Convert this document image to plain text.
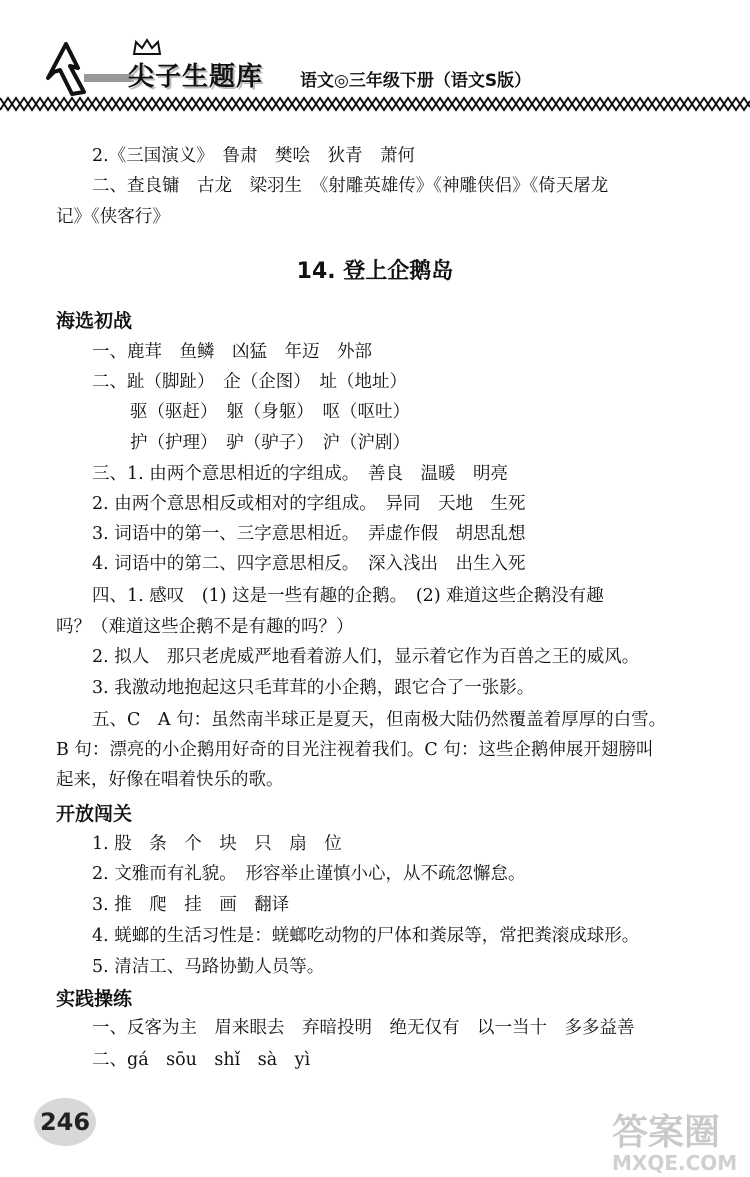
尖子生题库 语文◎三年级下册（语文S版）
2.《三国演义》　鲁肃　樊哙　狄青　萧何
二、查良镛　古龙　梁羽生　《射雕英雄传》《神雕侠侣》《倚天屠龙
记》《侠客行》
14. 登上企鹅岛
海选初战
一、鹿茸　鱼鳞　凶猛　年迈　外部
二、趾（脚趾）　企（企图）　址（地址）
驱（驱赶）　躯（身躯）　呕（呕吐）
护（护理）　驴（驴子）　沪（沪剧）
三、1. 由两个意思相近的字组成。　善良　温暖　明亮
2. 由两个意思相反或相对的字组成。　异同　天地　生死
3. 词语中的第一、三字意思相近。　弄虚作假　胡思乱想
4. 词语中的第二、四字意思相反。　深入浅出　出生入死
四、1. 感叹　(1) 这是一些有趣的企鹅。　(2) 难道这些企鹅没有趣
吗？（难道这些企鹅不是有趣的吗？）
2. 拟人　那只老虎威严地看着游人们，显示着它作为百兽之王的威风。
3. 我激动地抱起这只毛茸茸的小企鹅，跟它合了一张影。
五、C　A 句：虽然南半球正是夏天，但南极大陆仍然覆盖着厚厚的白雪。
B 句：漂亮的小企鹅用好奇的目光注视着我们。C 句：这些企鹅伸展开翅膀叫
起来，好像在唱着快乐的歌。
开放闯关
1. 股　条　个　块　只　扇　位
2. 文雅而有礼貌。　形容举止谨慎小心，从不疏忽懈怠。
3. 推　爬　挂　画　翻译
4. 蜣螂的生活习性是：蜣螂吃动物的尸体和粪尿等，常把粪滚成球形。
5. 清洁工、马路协勤人员等。
实践操练
一、反客为主　眉来眼去　弃暗投明　绝无仅有　以一当十　多多益善
二、gá　sōu　shǐ　sà　yì
246	答案圈
MXQE.COM
